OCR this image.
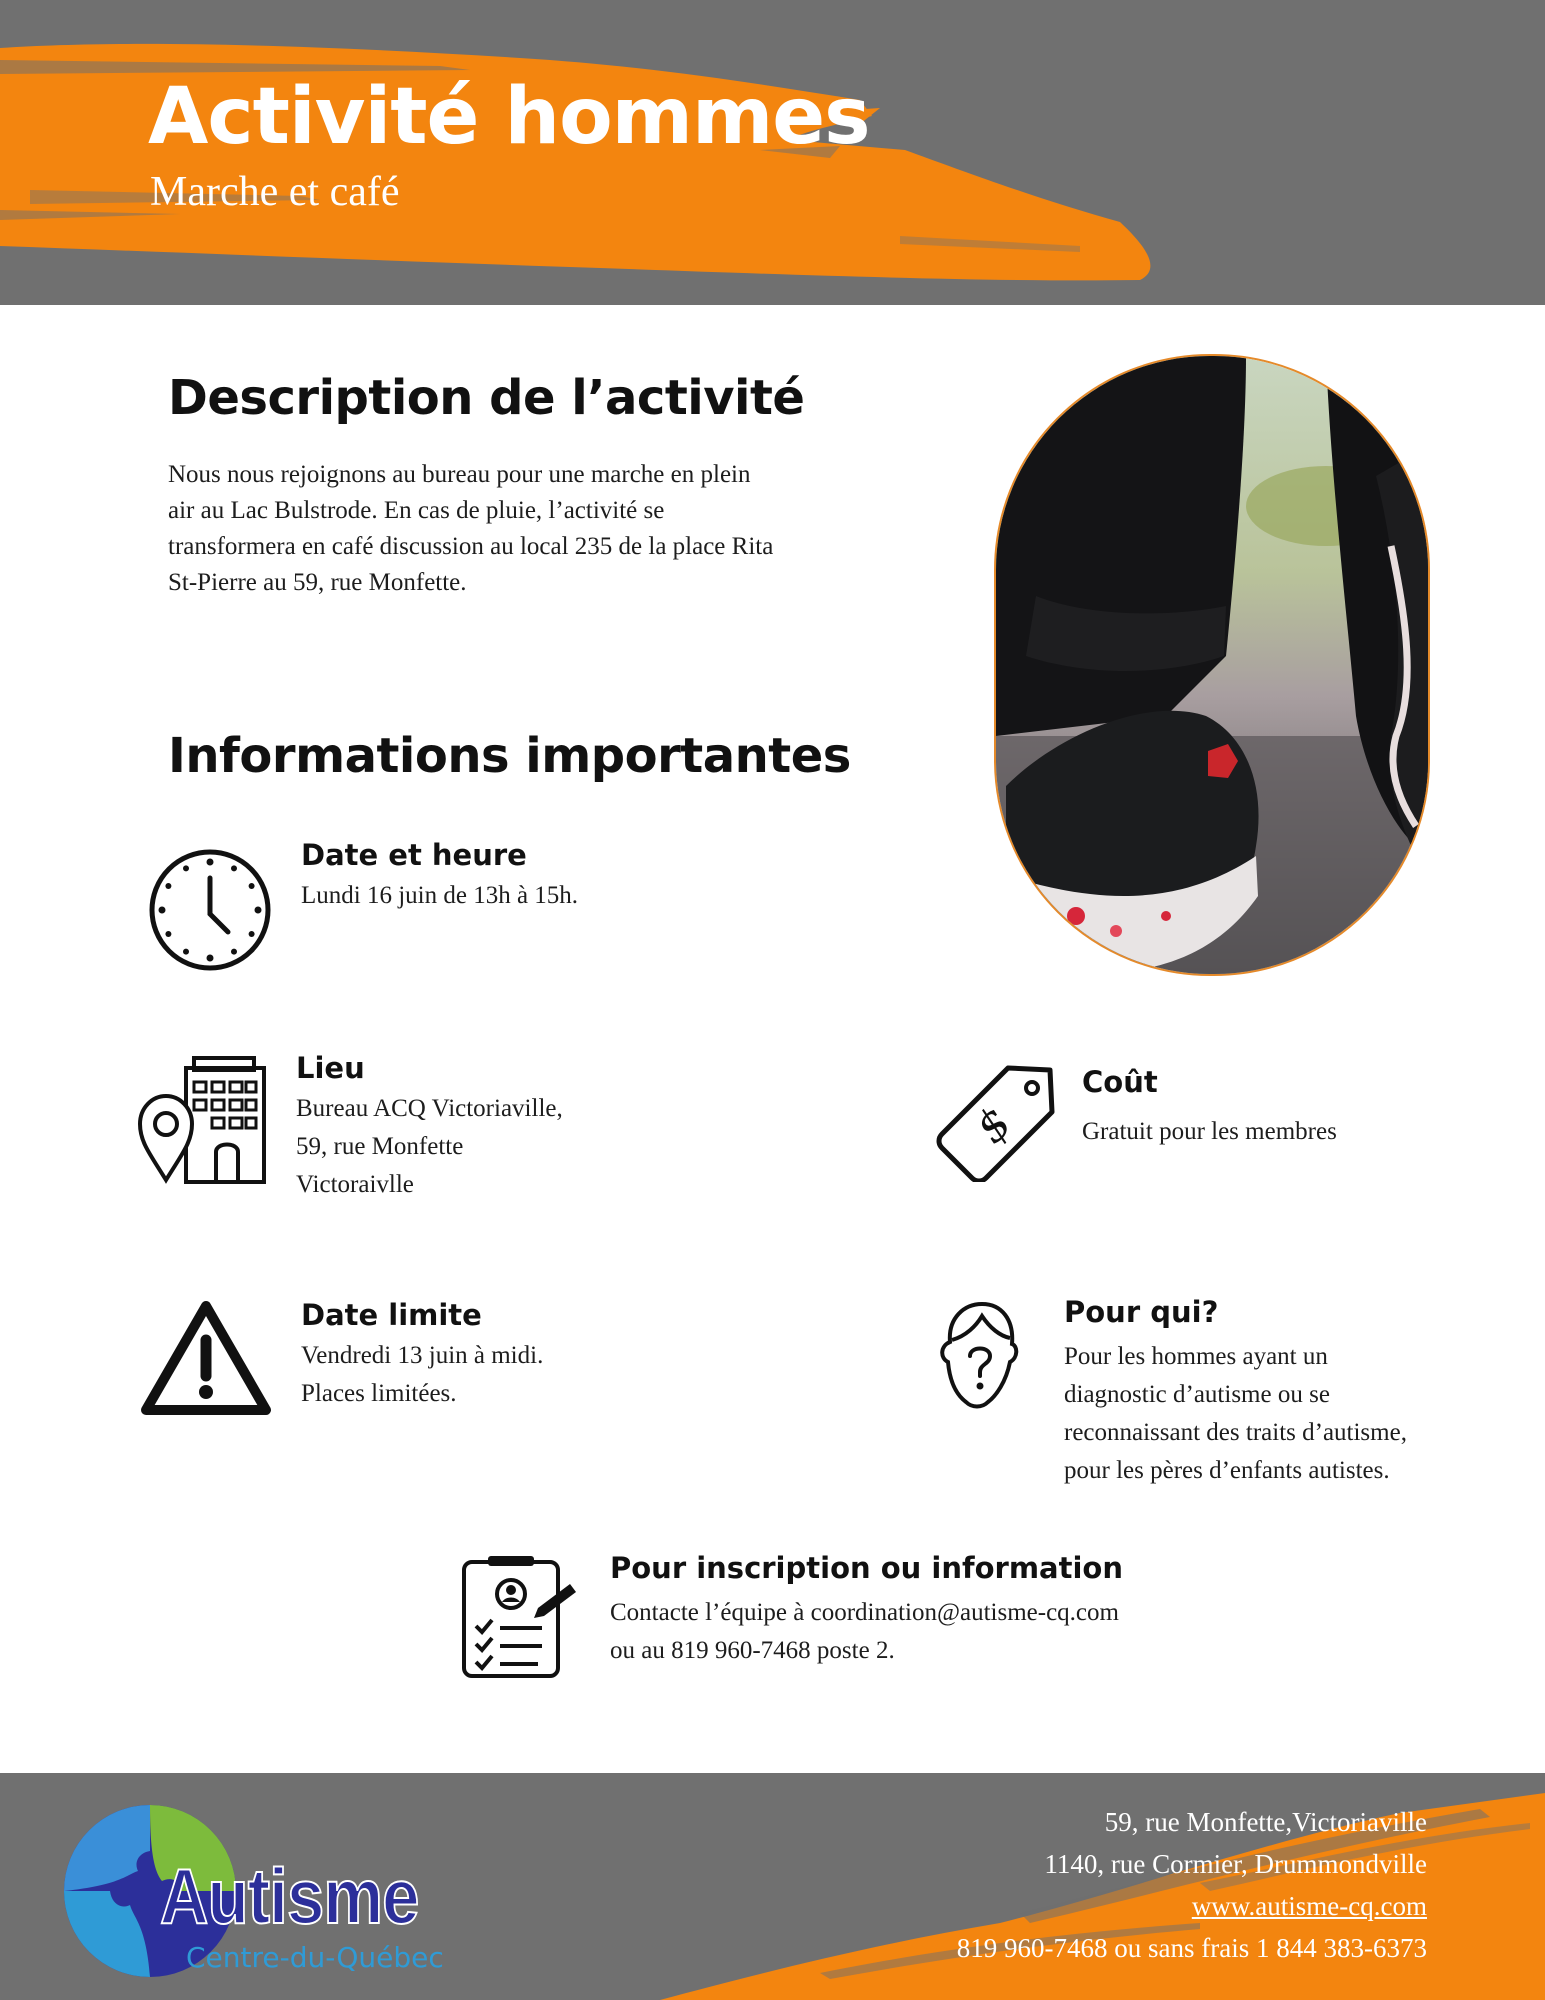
Activité hommes
Marche et café
Description de l’activité

Nous nous rejoignons au bureau pour une marche en plein

air au Lac Bulstrode. En cas de pluie, l’activité se

transformera en café discussion au local 235 de la place Rita

St-Pierre au 59, rue Monfette.

Informations importantes
Date et heure

Lundi 16 juin de 13h à 15h.

Lieu

Bureau ACQ Victoriaville,

59, rue Monfette

Victoraivlle

$
Coût

Gratuit pour les membres

Date limite

Vendredi 13 juin à midi.

Places limitées.

Pour qui?

Pour les hommes ayant un

diagnostic d’autisme ou se

reconnaissant des traits d’autisme,

pour les pères d’enfants autistes.

Pour inscription ou information

Contacte l’équipe à coordination@autisme-cq.com

ou au 819 960-7468 poste 2.

Autisme
Centre-du-Québec
59, rue Monfette,Victoriaville
1140, rue Cormier, Drummondville
www.autisme-cq.com
819 960-7468 ou sans frais 1 844 383-6373
